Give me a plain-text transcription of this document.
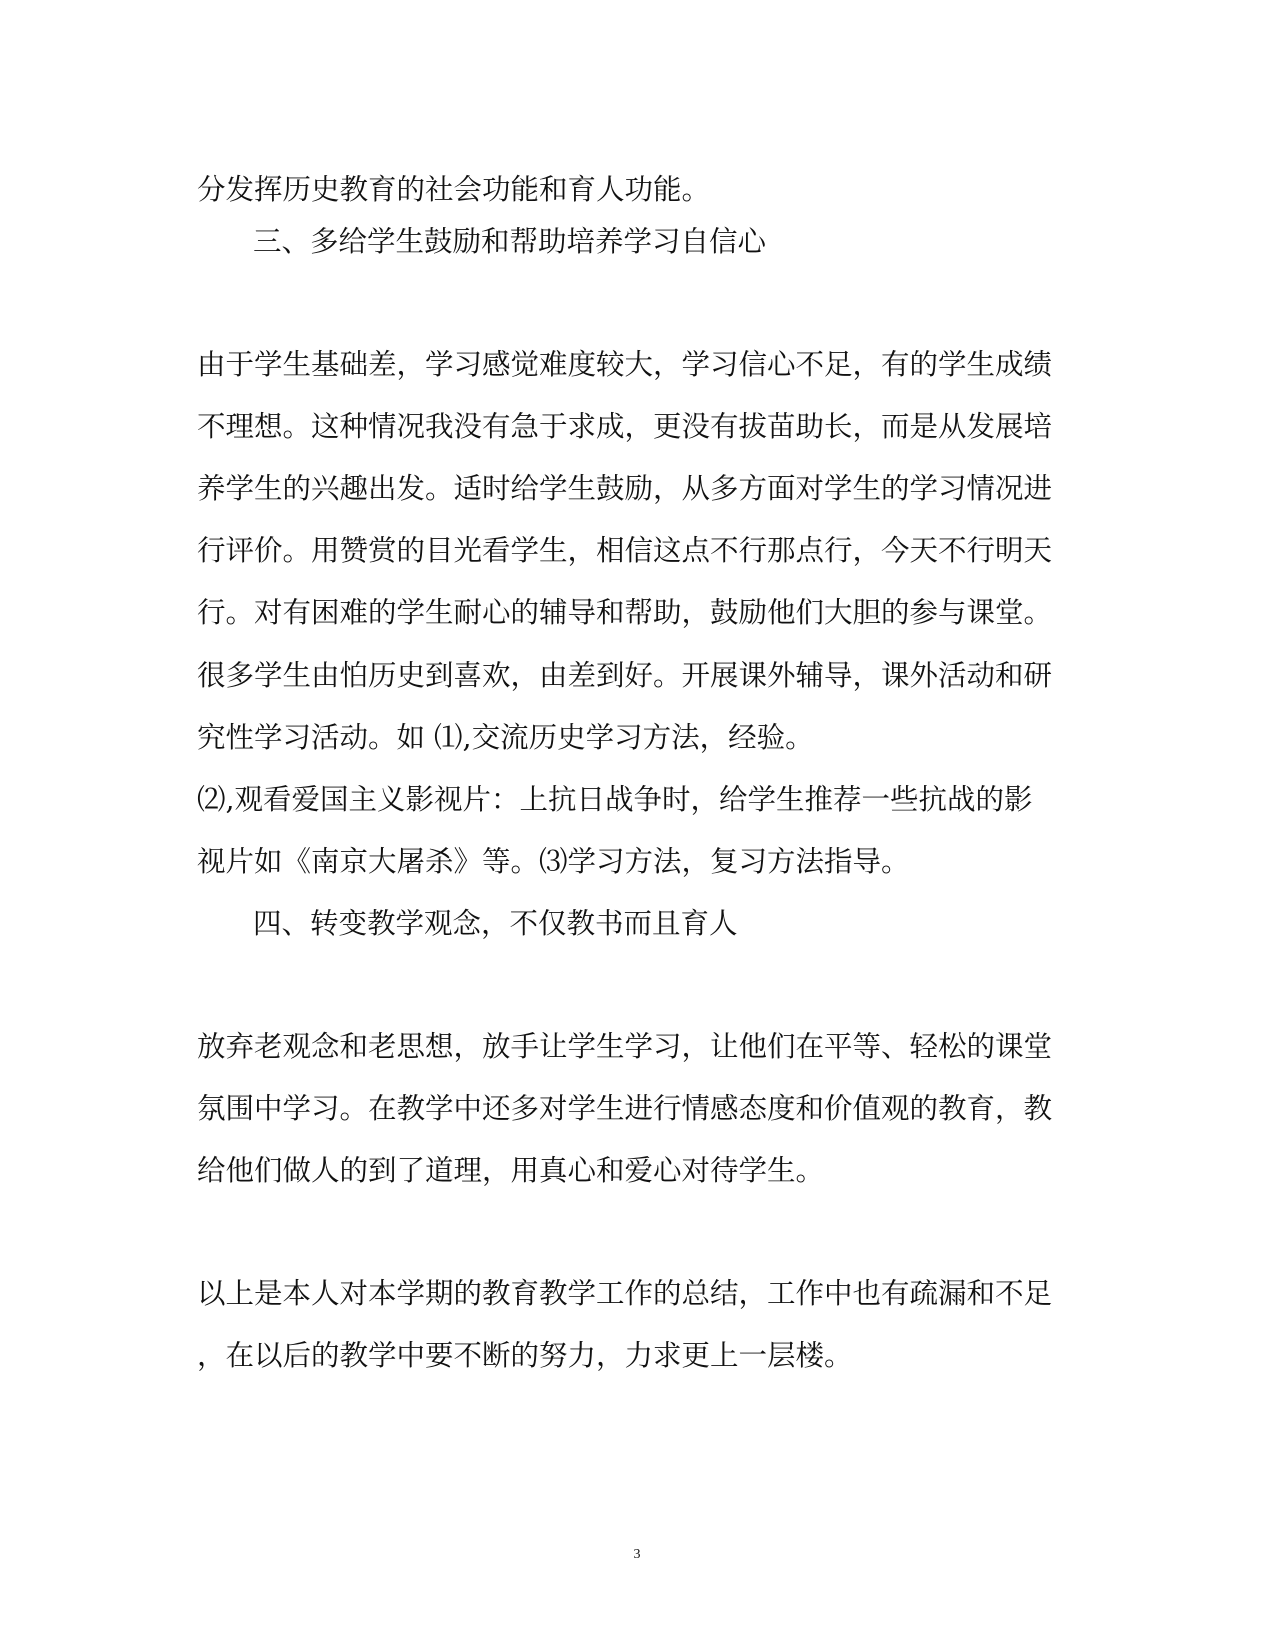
分发挥历史教育的社会功能和育人功能。
三、多给学生鼓励和帮助培养学习自信心
由于学生基础差，学习感觉难度较大，学习信心不足，有的学生成绩
不理想。这种情况我没有急于求成，更没有拔苗助长，而是从发展培
养学生的兴趣出发。适时给学生鼓励，从多方面对学生的学习情况进
行评价。用赞赏的目光看学生，相信这点不行那点行，今天不行明天
行。对有困难的学生耐心的辅导和帮助，鼓励他们大胆的参与课堂。
很多学生由怕历史到喜欢，由差到好。开展课外辅导，课外活动和研
究性学习活动。如 ⑴,交流历史学习方法，经验。
⑵,观看爱国主义影视片：上抗日战争时，给学生推荐一些抗战的影
视片如《南京大屠杀》等。⑶学习方法，复习方法指导。
四、转变教学观念，不仅教书而且育人
放弃老观念和老思想，放手让学生学习，让他们在平等、轻松的课堂
氛围中学习。在教学中还多对学生进行情感态度和价值观的教育，教
给他们做人的到了道理，用真心和爱心对待学生。
以上是本人对本学期的教育教学工作的总结，工作中也有疏漏和不足
，在以后的教学中要不断的努力，力求更上一层楼。
3
